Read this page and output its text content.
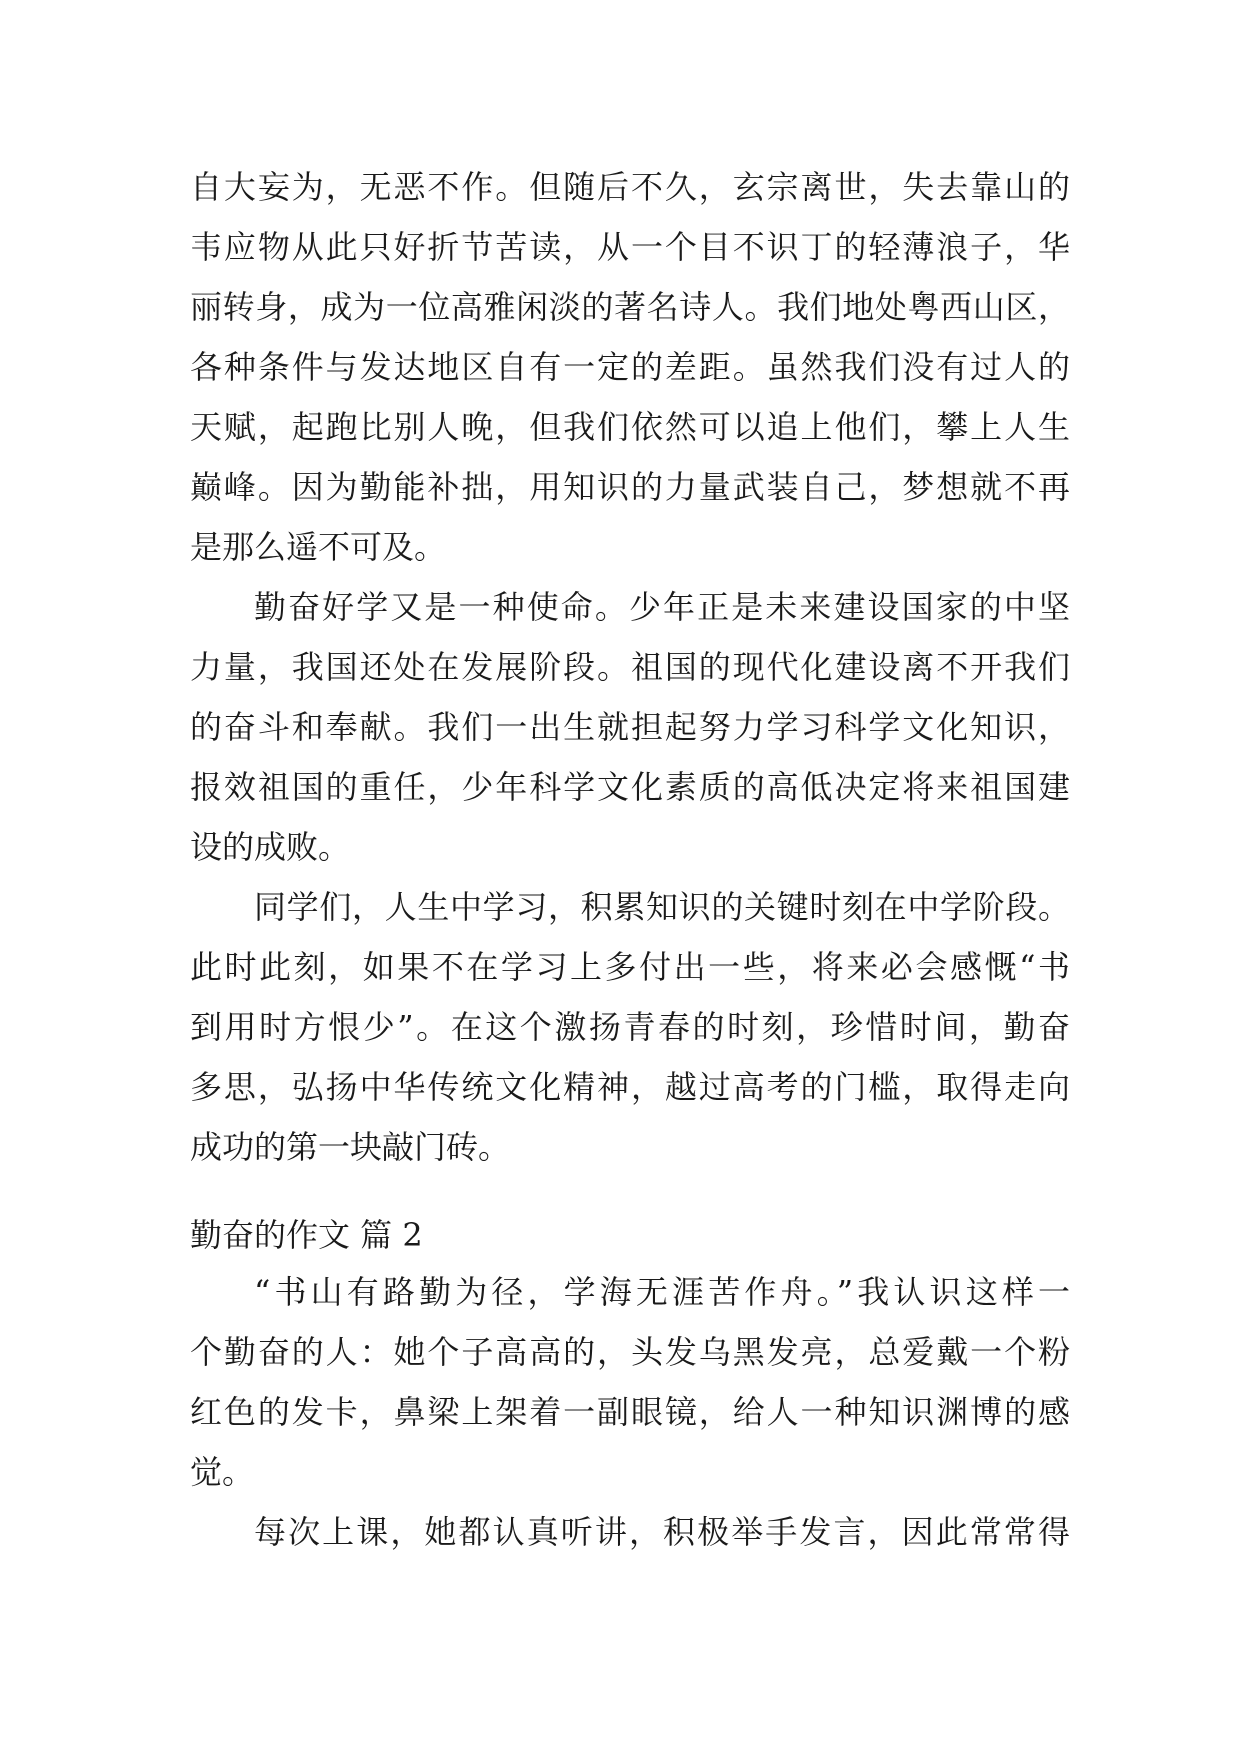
自大妄为，无恶不作。但随后不久，玄宗离世，失去靠山的
韦应物从此只好折节苦读，从一个目不识丁的轻薄浪子，华
丽转身，成为一位高雅闲淡的著名诗人。我们地处粤西山区，
各种条件与发达地区自有一定的差距。虽然我们没有过人的
天赋，起跑比别人晚，但我们依然可以追上他们，攀上人生
巅峰。因为勤能补拙，用知识的力量武装自己，梦想就不再
是那么遥不可及。
勤奋好学又是一种使命。少年正是未来建设国家的中坚
力量，我国还处在发展阶段。祖国的现代化建设离不开我们
的奋斗和奉献。我们一出生就担起努力学习科学文化知识，
报效祖国的重任，少年科学文化素质的高低决定将来祖国建
设的成败。
同学们，人生中学习，积累知识的关键时刻在中学阶段。
此时此刻，如果不在学习上多付出一些，将来必会感慨“书
到用时方恨少”。在这个激扬青春的时刻，珍惜时间，勤奋
多思，弘扬中华传统文化精神，越过高考的门槛，取得走向
成功的第一块敲门砖。
勤奋的作文 篇 2
“书山有路勤为径，学海无涯苦作舟。”我认识这样一
个勤奋的人：她个子高高的，头发乌黑发亮，总爱戴一个粉
红色的发卡，鼻梁上架着一副眼镜，给人一种知识渊博的感
觉。
每次上课，她都认真听讲，积极举手发言，因此常常得
